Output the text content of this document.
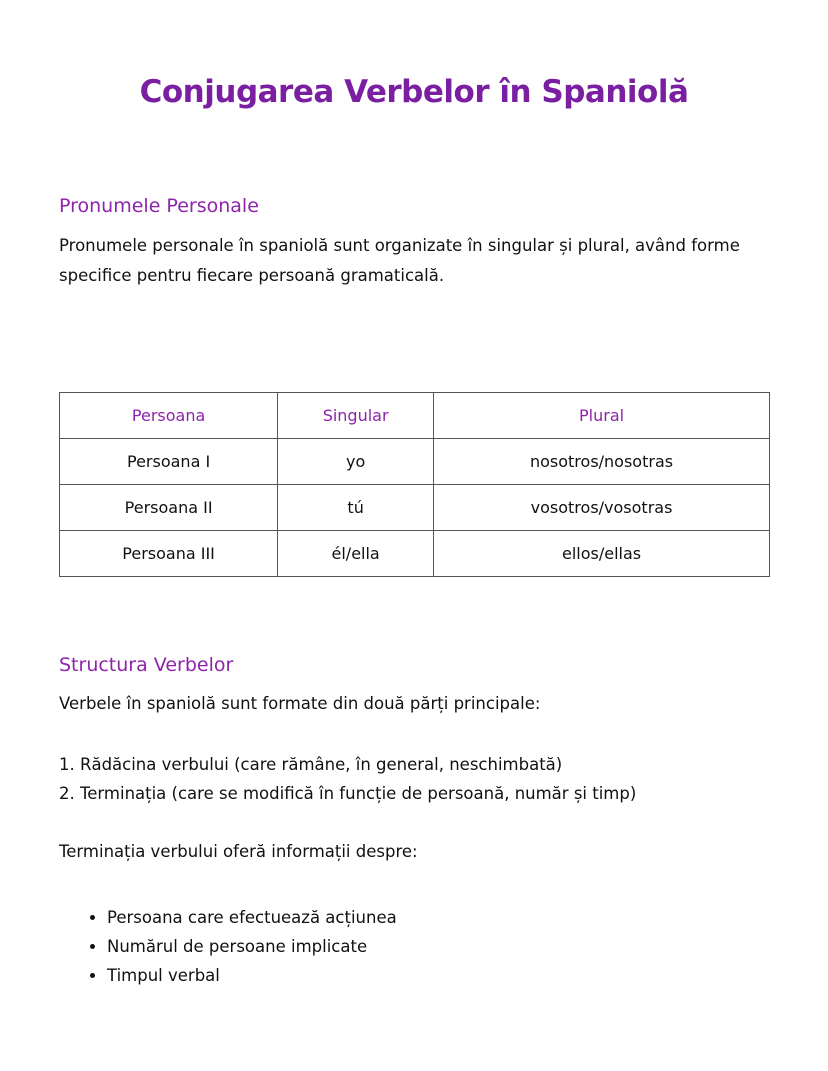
Conjugarea Verbelor în Spaniolă
Pronumele Personale
Pronumele personale în spaniolă sunt organizate în singular și plural, având forme specifice pentru fiecare persoană gramaticală.
Persoana	Singular	Plural
Persoana I	yo	nosotros/nosotras
Persoana II	tú	vosotros/vosotras
Persoana III	él/ella	ellos/ellas
Structura Verbelor
Verbele în spaniolă sunt formate din două părți principale:
1. Rădăcina verbului (care rămâne, în general, neschimbată)
2. Terminația (care se modifică în funcție de persoană, număr și timp)
Terminația verbului oferă informații despre:
• Persoana care efectuează acțiunea
• Numărul de persoane implicate
• Timpul verbal
